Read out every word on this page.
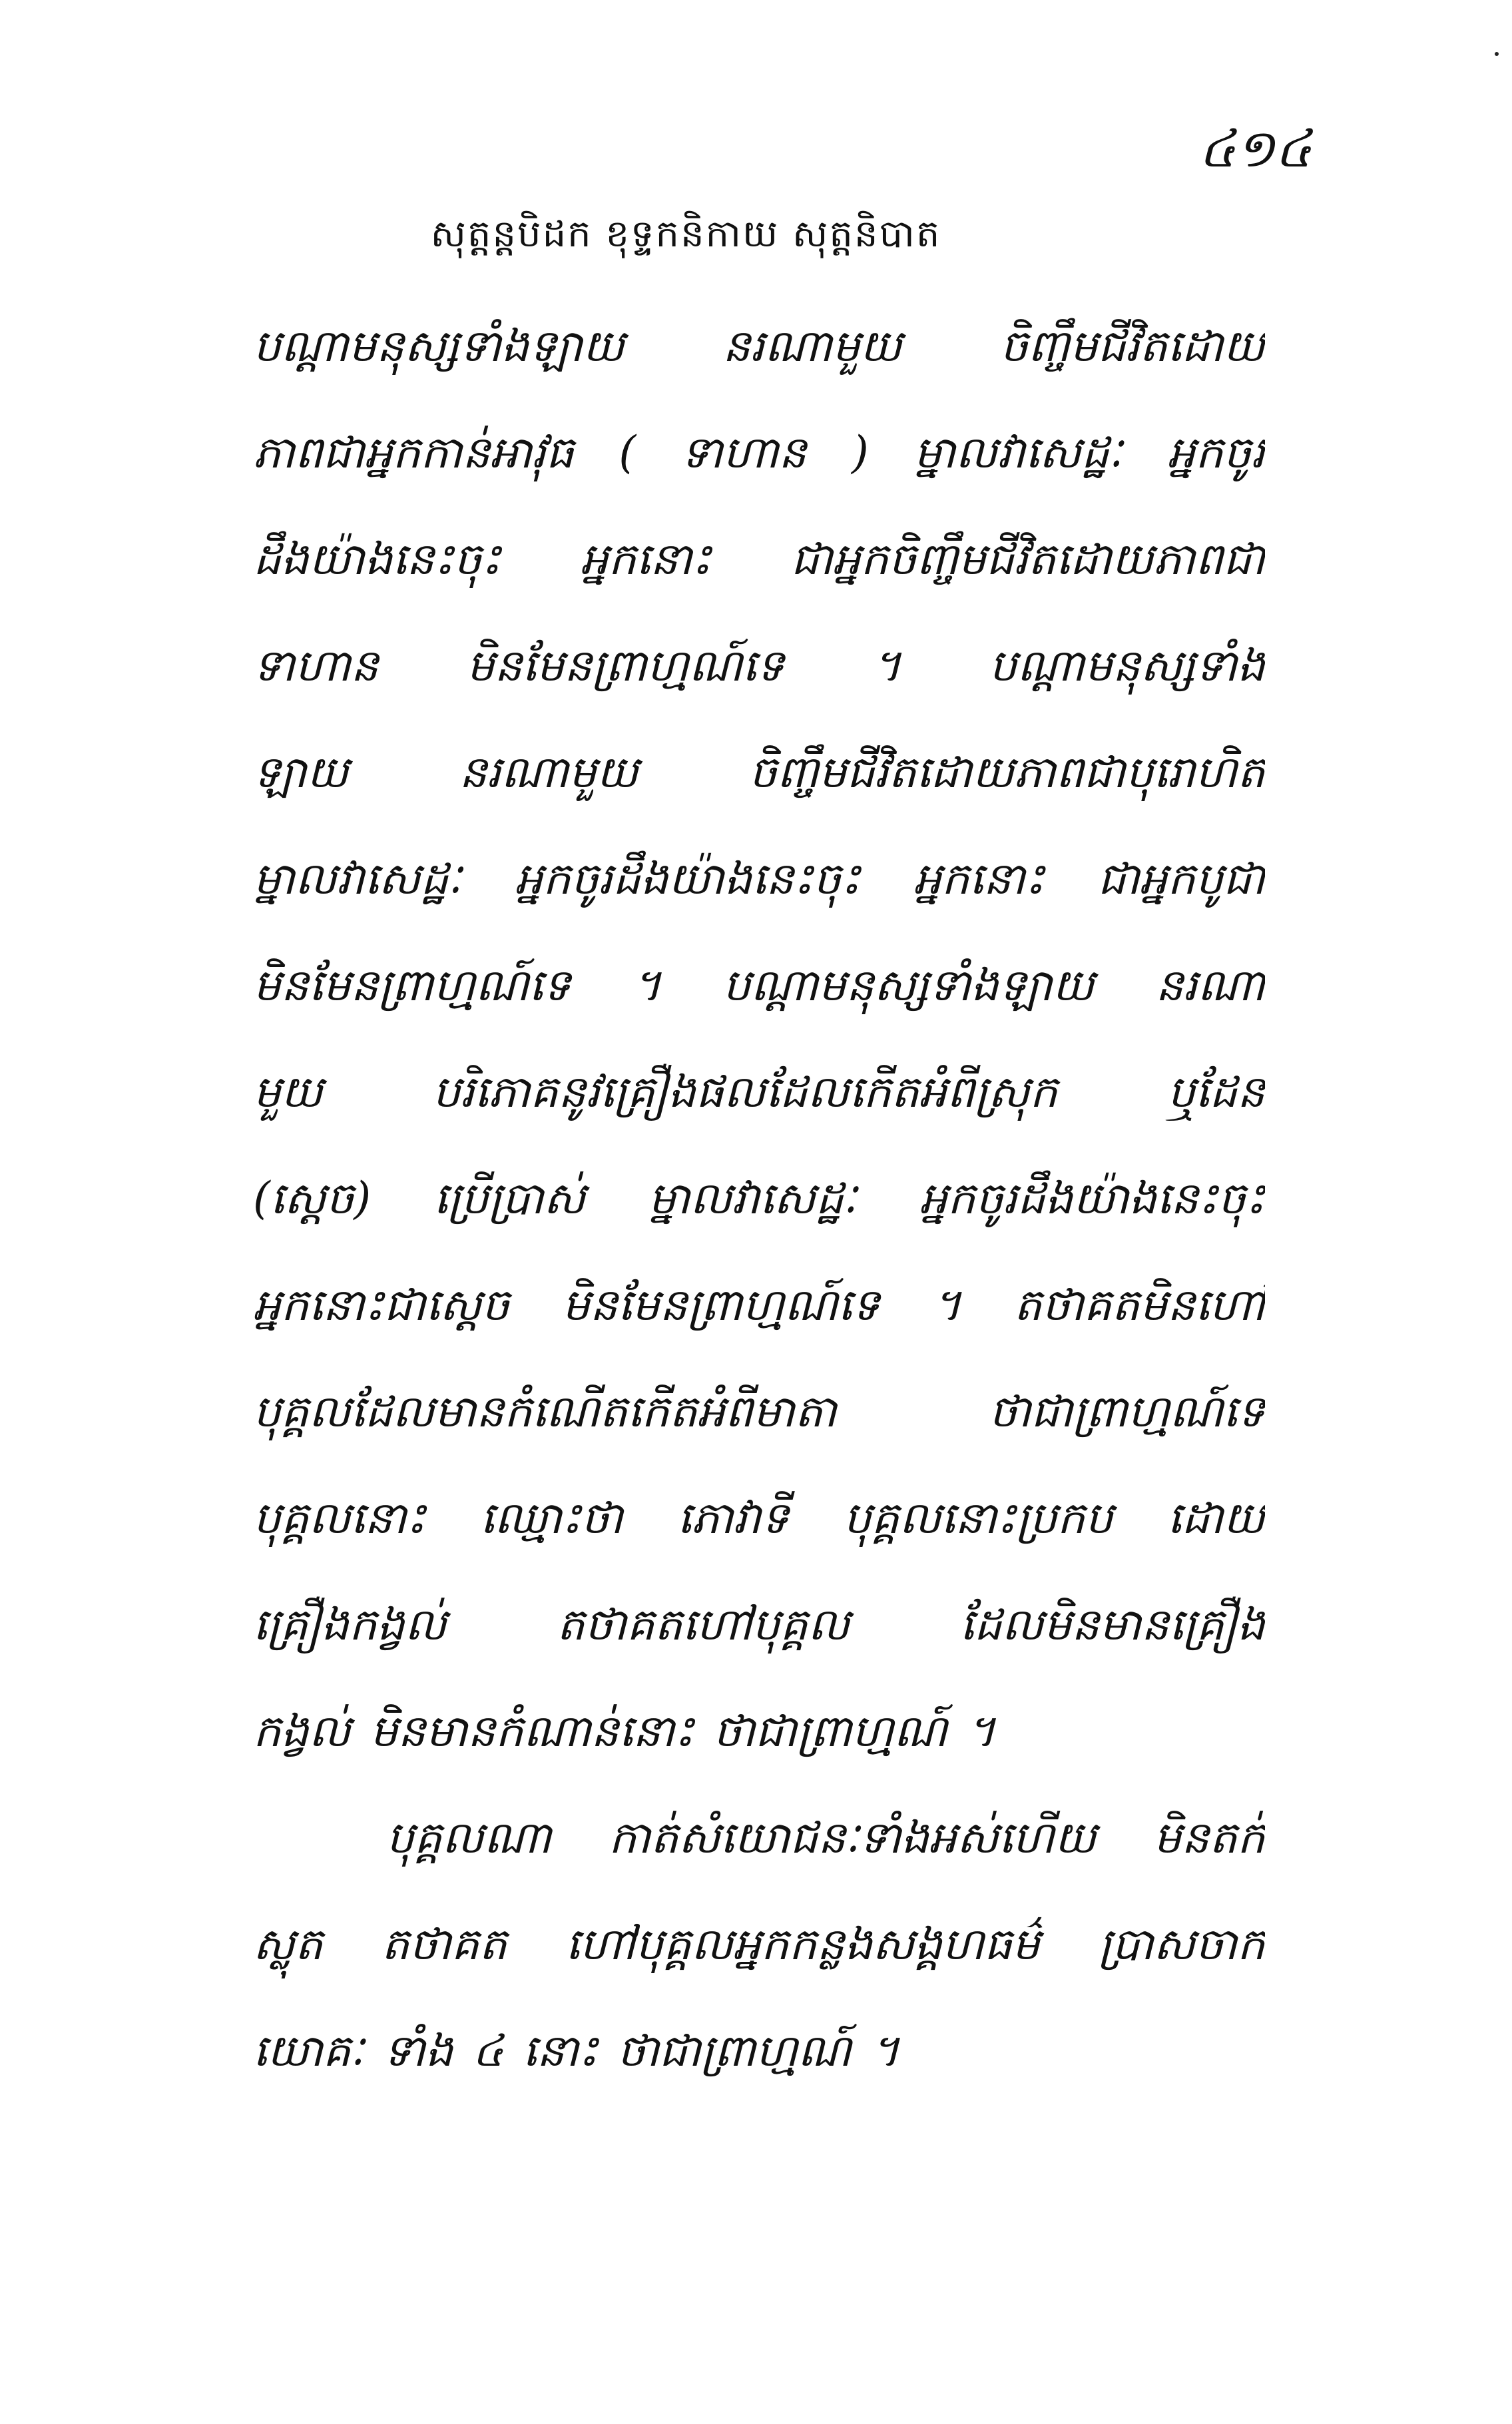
៤១៤
សុត្តន្តបិដក ខុទ្ទកនិកាយ សុត្តនិបាត
បណ្តាមនុស្សទាំងឡាយ នរណាមួយ ចិញ្ចឹមជីវិតដោយ
ភាពជាអ្នកកាន់អាវុធ ( ទាហាន ) ម្នាលវាសេដ្ឋៈ អ្នកចូរ
ដឹងយ៉ាងនេះចុះ អ្នកនោះ ជាអ្នកចិញ្ចឹមជីវិតដោយភាពជា
ទាហាន មិនមែនព្រាហ្មណ៍ទេ ។ បណ្តាមនុស្សទាំង
ឡាយ នរណាមួយ ចិញ្ចឹមជីវិតដោយភាពជាបុរោហិត
ម្នាលវាសេដ្ឋៈ អ្នកចូរដឹងយ៉ាងនេះចុះ អ្នកនោះ ជាអ្នកបូជា
មិនមែនព្រាហ្មណ៍ទេ ។ បណ្តាមនុស្សទាំងឡាយ នរណា
មួយ បរិភោគនូវគ្រឿងផលដែលកើតអំពីស្រុក ឬដែន
(ស្តេច) ប្រើប្រាស់ ម្នាលវាសេដ្ឋៈ អ្នកចូរដឹងយ៉ាងនេះចុះ
អ្នកនោះជាស្តេច មិនមែនព្រាហ្មណ៍ទេ ។ តថាគតមិនហៅ
បុគ្គលដែលមានកំណើតកើតអំពីមាតា ថាជាព្រាហ្មណ៍ទេ
បុគ្គលនោះ ឈ្មោះថា ភោវាទី បុគ្គលនោះប្រកប ដោយ
គ្រឿងកង្វល់ តថាគតហៅបុគ្គល ដែលមិនមានគ្រឿង
កង្វល់ មិនមានកំណាន់នោះ ថាជាព្រាហ្មណ៍ ។
បុគ្គលណា កាត់សំយោជនៈទាំងអស់ហើយ មិនតក់
ស្លុត តថាគត ហៅបុគ្គលអ្នកកន្លងសង្គហធម៌ ប្រាសចាក
យោគៈ ទាំង ៤ នោះ ថាជាព្រាហ្មណ៍ ។
